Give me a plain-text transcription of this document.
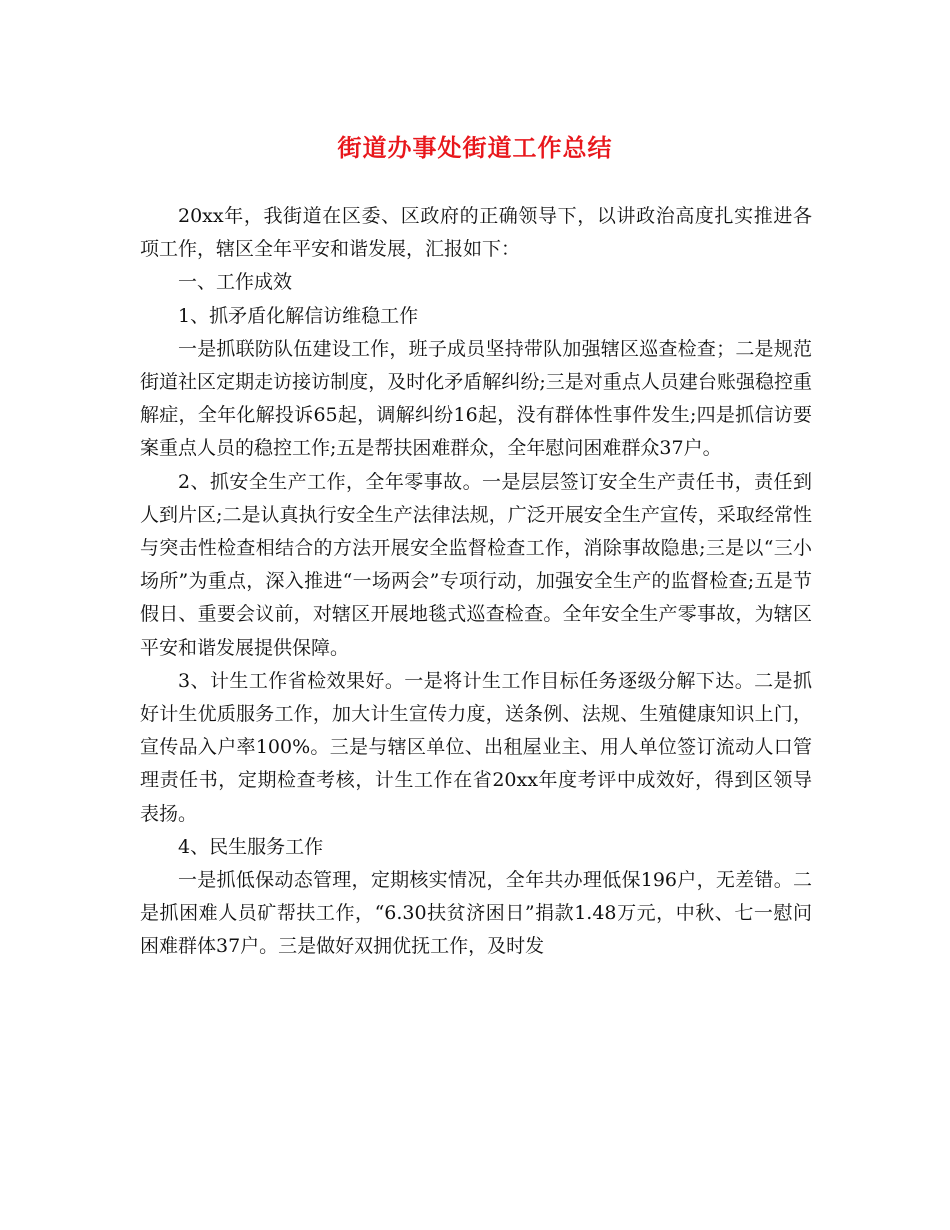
街道办事处街道工作总结

20xx年，我街道在区委、区政府的正确领导下，以讲政治高度扎实推进各项工作，辖区全年平安和谐发展，汇报如下：

一、工作成效

1、抓矛盾化解信访维稳工作

一是抓联防队伍建设工作，班子成员坚持带队加强辖区巡查检查；二是规范街道社区定期走访接访制度，及时化矛盾解纠纷;三是对重点人员建台账强稳控重解症，全年化解投诉65起，调解纠纷16起，没有群体性事件发生;四是抓信访要案重点人员的稳控工作;五是帮扶困难群众，全年慰问困难群众37户。

2、抓安全生产工作，全年零事故。一是层层签订安全生产责任书，责任到人到片区;二是认真执行安全生产法律法规，广泛开展安全生产宣传，采取经常性与突击性检查相结合的方法开展安全监督检查工作，消除事故隐患;三是以“三小场所”为重点，深入推进“一场两会”专项行动，加强安全生产的监督检查;五是节假日、重要会议前，对辖区开展地毯式巡查检查。全年安全生产零事故，为辖区平安和谐发展提供保障。

3、计生工作省检效果好。一是将计生工作目标任务逐级分解下达。二是抓好计生优质服务工作，加大计生宣传力度，送条例、法规、生殖健康知识上门，宣传品入户率100%。三是与辖区单位、出租屋业主、用人单位签订流动人口管理责任书，定期检查考核，计生工作在省20xx年度考评中成效好，得到区领导表扬。

4、民生服务工作

一是抓低保动态管理，定期核实情况，全年共办理低保196户，无差错。二是抓困难人员矿帮扶工作，“6.30扶贫济困日”捐款1.48万元，中秋、七一慰问困难群体37户。三是做好双拥优抚工作，及时发
